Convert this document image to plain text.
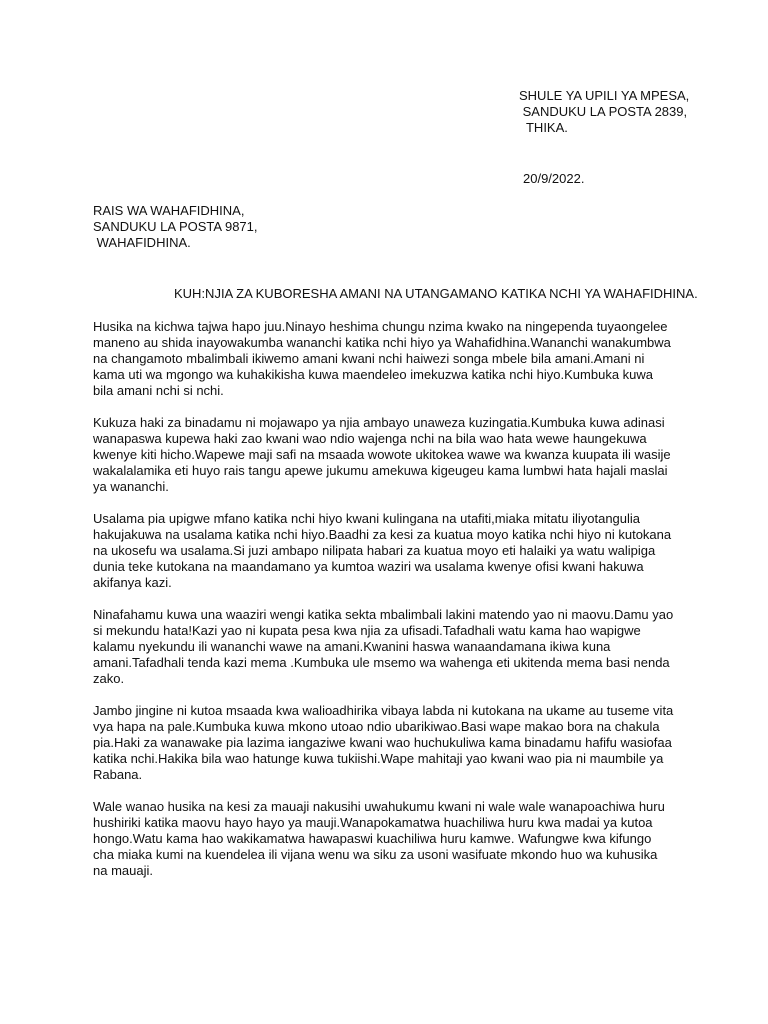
SHULE YA UPILI YA MPESA,
SANDUKU LA POSTA 2839,
THIKA.
20/9/2022.
RAIS WA WAHAFIDHINA,
SANDUKU LA POSTA 9871,
WAHAFIDHINA.
KUH:NJIA ZA KUBORESHA AMANI NA UTANGAMANO KATIKA NCHI YA WAHAFIDHINA.
Husika na kichwa tajwa hapo juu.Ninayo heshima chungu nzima kwako na ningependa tuyaongelee
maneno au shida inayowakumba wananchi katika nchi hiyo ya Wahafidhina.Wananchi wanakumbwa
na changamoto mbalimbali ikiwemo amani kwani nchi haiwezi songa mbele bila amani.Amani ni
kama uti wa mgongo wa kuhakikisha kuwa maendeleo imekuzwa katika nchi hiyo.Kumbuka kuwa
bila amani nchi si nchi.
Kukuza haki za binadamu ni mojawapo ya njia ambayo unaweza kuzingatia.Kumbuka kuwa adinasi
wanapaswa kupewa haki zao kwani wao ndio wajenga nchi na bila wao hata wewe haungekuwa
kwenye kiti hicho.Wapewe maji safi na msaada wowote ukitokea wawe wa kwanza kuupata ili wasije
wakalalamika eti huyo rais tangu apewe jukumu amekuwa kigeugeu kama lumbwi hata hajali maslai
ya wananchi.
Usalama pia upigwe mfano katika nchi hiyo kwani kulingana na utafiti,miaka mitatu iliyotangulia
hakujakuwa na usalama katika nchi hiyo.Baadhi za kesi za kuatua moyo katika nchi hiyo ni kutokana
na ukosefu wa usalama.Si juzi ambapo nilipata habari za kuatua moyo eti halaiki ya watu walipiga
dunia teke kutokana na maandamano ya kumtoa waziri wa usalama kwenye ofisi kwani hakuwa
akifanya kazi.
Ninafahamu kuwa una waaziri wengi katika sekta mbalimbali lakini matendo yao ni maovu.Damu yao
si mekundu hata!Kazi yao ni kupata pesa kwa njia za ufisadi.Tafadhali watu kama hao wapigwe
kalamu nyekundu ili wananchi wawe na amani.Kwanini haswa wanaandamana ikiwa kuna
amani.Tafadhali tenda kazi mema .Kumbuka ule msemo wa wahenga eti ukitenda mema basi nenda
zako.
Jambo jingine ni kutoa msaada kwa walioadhirika vibaya labda ni kutokana na ukame au tuseme vita
vya hapa na pale.Kumbuka kuwa mkono utoao ndio ubarikiwao.Basi wape makao bora na chakula
pia.Haki za wanawake pia lazima iangaziwe kwani wao huchukuliwa kama binadamu hafifu wasiofaa
katika nchi.Hakika bila wao hatunge kuwa tukiishi.Wape mahitaji yao kwani wao pia ni maumbile ya
Rabana.
Wale wanao husika na kesi za mauaji nakusihi uwahukumu kwani ni wale wale wanapoachiwa huru
hushiriki katika maovu hayo hayo ya mauji.Wanapokamatwa huachiliwa huru kwa madai ya kutoa
hongo.Watu kama hao wakikamatwa hawapaswi kuachiliwa huru kamwe. Wafungwe kwa kifungo
cha miaka kumi na kuendelea ili vijana wenu wa siku za usoni wasifuate mkondo huo wa kuhusika
na mauaji.
